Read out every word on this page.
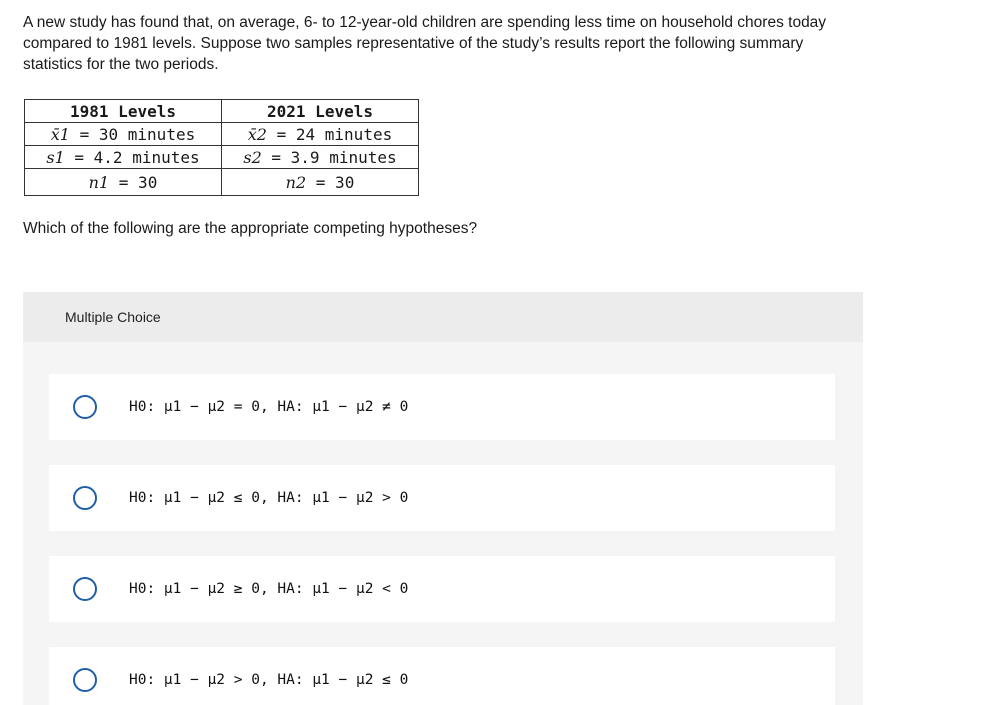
A new study has found that, on average, 6- to 12-year-old children are spending less time on household chores today compared to 1981 levels. Suppose two samples representative of the study’s results report the following summary statistics for the two periods.

1981 Levels	2021 Levels
x̄1 = 30 minutes	x̄2 = 24 minutes
s1 = 4.2 minutes	s2 = 3.9 minutes
n1 = 30	n2 = 30

Which of the following are the appropriate competing hypotheses?

Multiple Choice
H0: μ1 − μ2 = 0, HA: μ1 − μ2 ≠ 0
H0: μ1 − μ2 ≤ 0, HA: μ1 − μ2 > 0
H0: μ1 − μ2 ≥ 0, HA: μ1 − μ2 < 0
H0: μ1 − μ2 > 0, HA: μ1 − μ2 ≤ 0
